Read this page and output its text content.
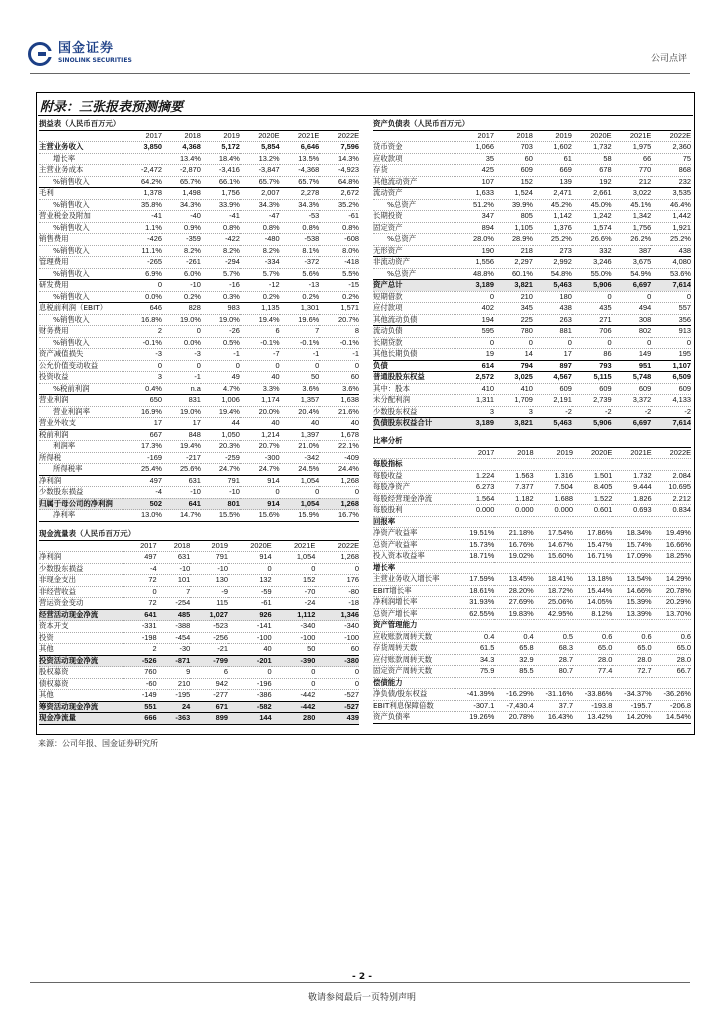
国金证券
SINOLINK SECURITIES	公司点评
附录：三张报表预测摘要
损益表（人民币百万元）						
	2017	2018	2019	2020E	2021E	2022E
主营业务收入	3,850	4,368	5,172	5,854	6,646	7,596
增长率		13.4%	18.4%	13.2%	13.5%	14.3%
主营业务成本	-2,472	-2,870	-3,416	-3,847	-4,368	-4,923
%销售收入	64.2%	65.7%	66.1%	65.7%	65.7%	64.8%
毛利	1,378	1,498	1,756	2,007	2,278	2,672
%销售收入	35.8%	34.3%	33.9%	34.3%	34.3%	35.2%
营业税金及附加	-41	-40	-41	-47	-53	-61
%销售收入	1.1%	0.9%	0.8%	0.8%	0.8%	0.8%
销售费用	-426	-359	-422	-480	-538	-608
%销售收入	11.1%	8.2%	8.2%	8.2%	8.1%	8.0%
管理费用	-265	-261	-294	-334	-372	-418
%销售收入	6.9%	6.0%	5.7%	5.7%	5.6%	5.5%
研发费用	0	-10	-16	-12	-13	-15
%销售收入	0.0%	0.2%	0.3%	0.2%	0.2%	0.2%
息税前利润（EBIT）	646	828	983	1,135	1,301	1,571
%销售收入	16.8%	19.0%	19.0%	19.4%	19.6%	20.7%
财务费用	2	0	-26	6	7	8
%销售收入	-0.1%	0.0%	0.5%	-0.1%	-0.1%	-0.1%
资产减值损失	-3	-3	-1	-7	-1	-1
公允价值变动收益	0	0	0	0	0	0
投资收益	3	-1	49	40	50	60
%税前利润	0.4%	n.a	4.7%	3.3%	3.6%	3.6%
营业利润	650	831	1,006	1,174	1,357	1,638
营业利润率	16.9%	19.0%	19.4%	20.0%	20.4%	21.6%
营业外收支	17	17	44	40	40	40
税前利润	667	848	1,050	1,214	1,397	1,678
利润率	17.3%	19.4%	20.3%	20.7%	21.0%	22.1%
所得税	-169	-217	-259	-300	-342	-409
所得税率	25.4%	25.6%	24.7%	24.7%	24.5%	24.4%
净利润	497	631	791	914	1,054	1,268
少数股东损益	-4	-10	-10	0	0	0
归属于母公司的净利润	502	641	801	914	1,054	1,268
净利率	13.0%	14.7%	15.5%	15.6%	15.9%	16.7%
资产负债表（人民币百万元）						
	2017	2018	2019	2020E	2021E	2022E
货币资金	1,066	703	1,602	1,732	1,975	2,360
应收款项	35	60	61	58	66	75
存货	425	609	669	678	770	868
其他流动资产	107	152	139	192	212	232
流动资产	1,633	1,524	2,471	2,661	3,022	3,535
%总资产	51.2%	39.9%	45.2%	45.0%	45.1%	46.4%
长期投资	347	805	1,142	1,242	1,342	1,442
固定资产	894	1,105	1,376	1,574	1,756	1,921
%总资产	28.0%	28.9%	25.2%	26.6%	26.2%	25.2%
无形资产	190	218	273	332	387	438
非流动资产	1,556	2,297	2,992	3,246	3,675	4,080
%总资产	48.8%	60.1%	54.8%	55.0%	54.9%	53.6%
资产总计	3,189	3,821	5,463	5,906	6,697	7,614
短期借款	0	210	180	0	0	0
应付款项	402	345	438	435	494	557
其他流动负债	194	225	263	271	308	356
流动负债	595	780	881	706	802	913
长期贷款	0	0	0	0	0	0
其他长期负债	19	14	17	86	149	195
负债	614	794	897	793	951	1,107
普通股股东权益	2,572	3,025	4,567	5,115	5,748	6,509
其中：股本	410	410	609	609	609	609
未分配利润	1,311	1,709	2,191	2,739	3,372	4,133
少数股东权益	3	3	-2	-2	-2	-2
负债股东权益合计	3,189	3,821	5,463	5,906	6,697	7,614
比率分析						
	2017	2018	2019	2020E	2021E	2022E
每股指标						
每股收益	1.224	1.563	1.316	1.501	1.732	2.084
每股净资产	6.273	7.377	7.504	8.405	9.444	10.695
每股经营现金净流	1.564	1.182	1.688	1.522	1.826	2.212
每股股利	0.000	0.000	0.000	0.601	0.693	0.834
回报率						
净资产收益率	19.51%	21.18%	17.54%	17.86%	18.34%	19.49%
总资产收益率	15.73%	16.76%	14.67%	15.47%	15.74%	16.66%
投入资本收益率	18.71%	19.02%	15.60%	16.71%	17.09%	18.25%
增长率						
主营业务收入增长率	17.59%	13.45%	18.41%	13.18%	13.54%	14.29%
EBIT增长率	18.61%	28.20%	18.72%	15.44%	14.66%	20.78%
净利润增长率	31.93%	27.69%	25.06%	14.05%	15.39%	20.29%
总资产增长率	62.55%	19.83%	42.95%	8.12%	13.39%	13.70%
资产管理能力						
应收账款周转天数	0.4	0.4	0.5	0.6	0.6	0.6
存货周转天数	61.5	65.8	68.3	65.0	65.0	65.0
应付账款周转天数	34.3	32.9	28.7	28.0	28.0	28.0
固定资产周转天数	75.9	85.5	80.7	77.4	72.7	66.7
偿债能力						
净负债/股东权益	-41.39%	-16.29%	-31.16%	-33.86%	-34.37%	-36.26%
EBIT利息保障倍数	-307.1	-7,430.4	37.7	-193.8	-195.7	-206.8
资产负债率	19.26%	20.78%	16.43%	13.42%	14.20%	14.54%
现金流量表（人民币百万元）						
	2017	2018	2019	2020E	2021E	2022E
净利润	497	631	791	914	1,054	1,268
少数股东损益	-4	-10	-10	0	0	0
非现金支出	72	101	130	132	152	176
非经营收益	0	7	-9	-59	-70	-80
营运资金变动	72	-254	115	-61	-24	-18
经营活动现金净流	641	485	1,027	926	1,112	1,346
资本开支	-331	-388	-523	-141	-340	-340
投资	-198	-454	-256	-100	-100	-100
其他	2	-30	-21	40	50	60
投资活动现金净流	-526	-871	-799	-201	-390	-380
股权募资	760	9	6	0	0	0
债权募资	-60	210	942	-196	0	0
其他	-149	-195	-277	-386	-442	-527
筹资活动现金净流	551	24	671	-582	-442	-527
现金净流量	666	-363	899	144	280	439
来源：公司年报、国金证券研究所
- 2 -
敬请参阅最后一页特别声明
